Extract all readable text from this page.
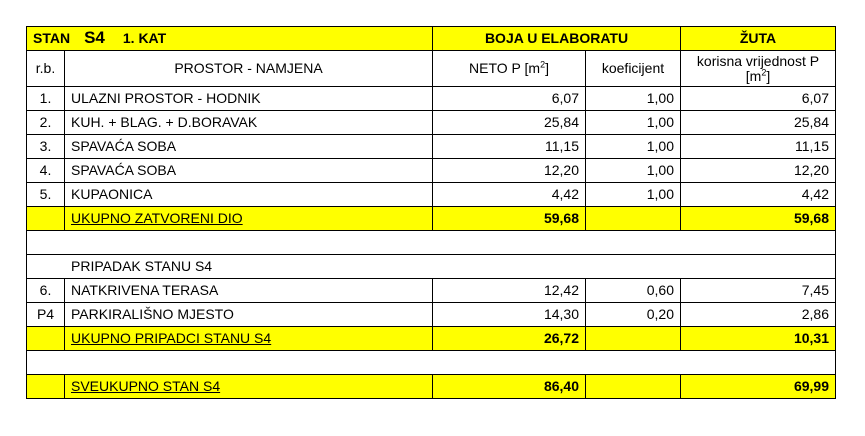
STAN S4 1. KAT		BOJA U ELABORATU		ŽUTA
r.b.	PROSTOR - NAMJENA	NETO P $[m^2]$	koeficijent	korisna vrijednost P
$[m^2]$
1.	ULAZNI PROSTOR - HODNIK	6,07	1,00	6,07
2.	KUH. + BLAG. + D.BORAVAK	25,84	1,00	25,84
3.	SPAVAĆA SOBA	11,15	1,00	11,15
4.	SPAVAĆA SOBA	12,20	1,00	12,20
5.	KUPAONICA	4,42	1,00	4,42
	UKUPNO ZATVORENI DIO	59,68		59,68

PRIPADAK STANU S4				
6.	NATKRIVENA TERASA	12,42	0,60	7,45
P4	PARKIRALIŠNO MJESTO	14,30	0,20	2,86
	UKUPNO PRIPADCI STANU S4	26,72		10,31

	SVEUKUPNO STAN S4	86,40		69,99
